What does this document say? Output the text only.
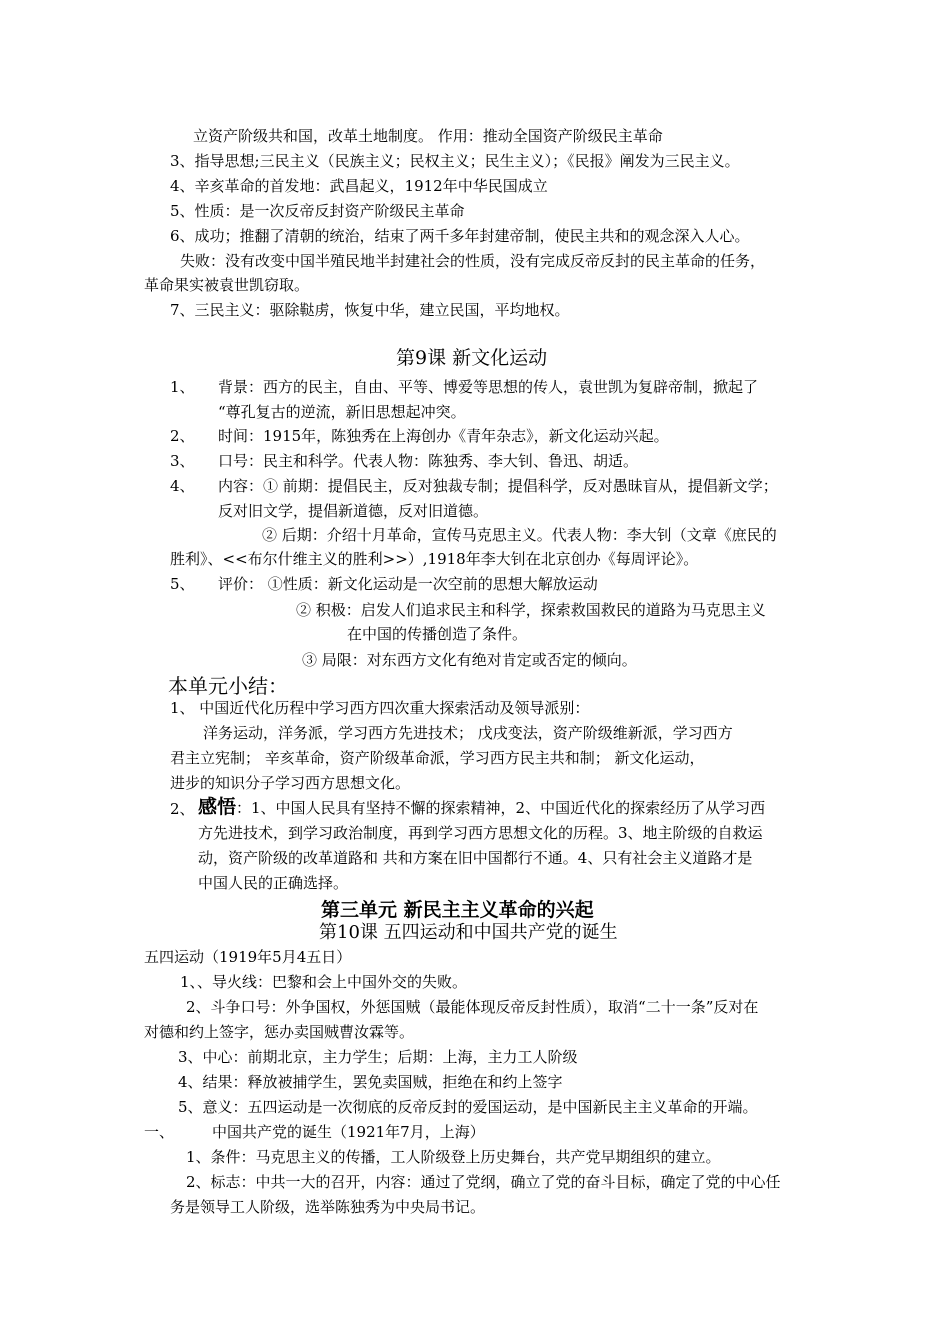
立资产阶级共和国，改革土地制度。 作用：推动全国资产阶级民主革命
3、指导思想;三民主义（民族主义；民权主义；民生主义）；《民报》阐发为三民主义。
4、辛亥革命的首发地：武昌起义，1912年中华民国成立
5、性质：是一次反帝反封资产阶级民主革命
6、成功；推翻了清朝的统治，结束了两千多年封建帝制，使民主共和的观念深入人心。
失败：没有改变中国半殖民地半封建社会的性质，没有完成反帝反封的民主革命的任务，
革命果实被袁世凯窃取。
7、三民主义：驱除鞑虏，恢复中华，建立民国，平均地权。
第9课 新文化运动
1、 背景：西方的民主，自由、平等、博爱等思想的传人，袁世凯为复辟帝制，掀起了
“尊孔复古的逆流，新旧思想起冲突。
2、 时间：1915年，陈独秀在上海创办《青年杂志》，新文化运动兴起。
3、 口号：民主和科学。代表人物：陈独秀、李大钊、鲁迅、胡适。
4、 内容：① 前期：提倡民主，反对独裁专制；提倡科学，反对愚昧盲从，提倡新文学；
反对旧文学，提倡新道德，反对旧道德。
② 后期：介绍十月革命，宣传马克思主义。代表人物：李大钊（文章《庶民的
胜利》、<<布尔什维主义的胜利>>）,1918年李大钊在北京创办《每周评论》。
5、 评价： ①性质：新文化运动是一次空前的思想大解放运动
② 积极：启发人们追求民主和科学，探索救国救民的道路为马克思主义
在中国的传播创造了条件。
③ 局限：对东西方文化有绝对肯定或否定的倾向。
本单元小结：
1、 中国近代化历程中学习西方四次重大探索活动及领导派别：
洋务运动，洋务派，学习西方先进技术； 戊戌变法，资产阶级维新派，学习西方
君主立宪制； 辛亥革命，资产阶级革命派，学习西方民主共和制； 新文化运动，
进步的知识分子学习西方思想文化。
2、 感悟：1、中国人民具有坚持不懈的探索精神，2、中国近代化的探索经历了从学习西
方先进技术，到学习政治制度，再到学习西方思想文化的历程。3、地主阶级的自救运
动，资产阶级的改革道路和 共和方案在旧中国都行不通。4、只有社会主义道路才是
中国人民的正确选择。
第三单元 新民主主义革命的兴起
第10课 五四运动和中国共产党的诞生
五四运动（1919年5月4五日）
1、、导火线：巴黎和会上中国外交的失败。
2、斗争口号：外争国权，外惩国贼（最能体现反帝反封性质），取消“二十一条”反对在
对德和约上签字，惩办卖国贼曹汝霖等。
3、中心：前期北京，主力学生；后期：上海，主力工人阶级
4、结果：释放被捕学生，罢免卖国贼，拒绝在和约上签字
5、意义：五四运动是一次彻底的反帝反封的爱国运动，是中国新民主主义革命的开端。
一、	中国共产党的诞生（1921年7月，上海）
1、条件：马克思主义的传播，工人阶级登上历史舞台，共产党早期组织的建立。
2、标志：中共一大的召开，内容：通过了党纲，确立了党的奋斗目标，确定了党的中心任
务是领导工人阶级，选举陈独秀为中央局书记。
